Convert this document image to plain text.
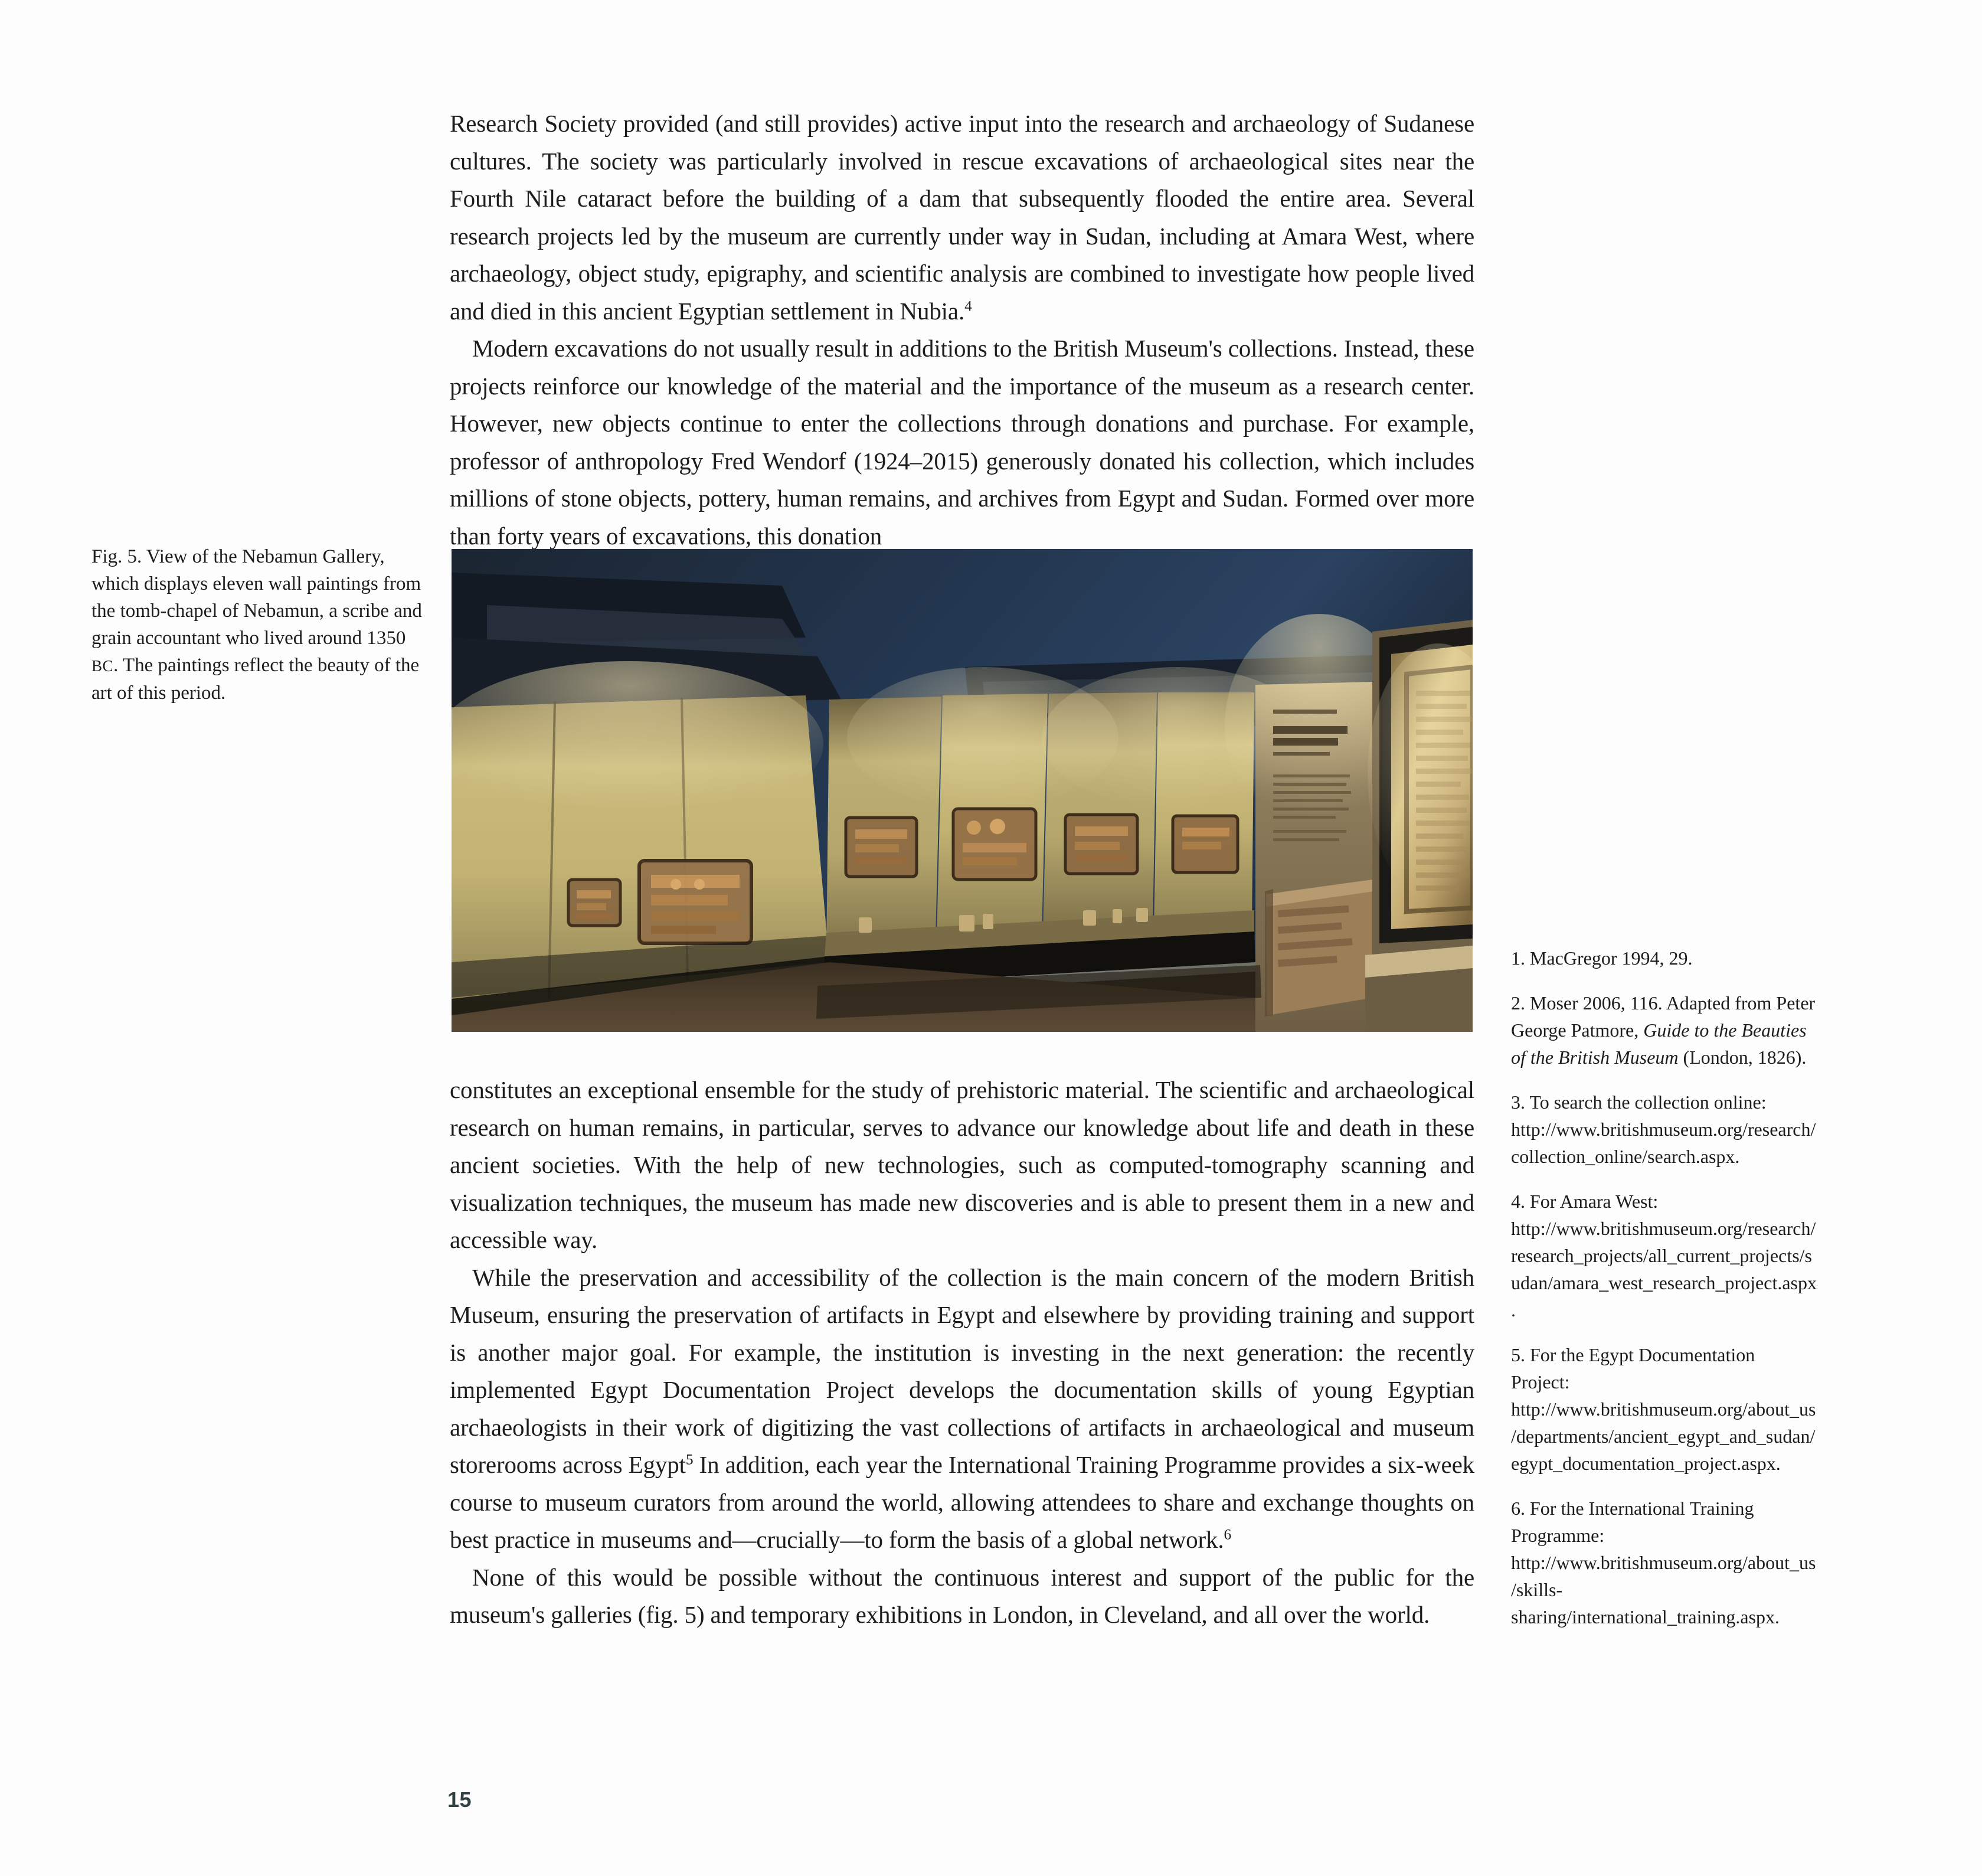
Research Society provided (and still provides) active input into the research and archaeology of Sudanese cultures. The society was particularly involved in rescue excavations of archaeological sites near the Fourth Nile cataract before the building of a dam that subsequently flooded the entire area. Several research projects led by the museum are currently under way in Sudan, including at Amara West, where archaeology, object study, epigraphy, and scientific analysis are combined to investigate how people lived and died in this ancient Egyptian settlement in Nubia.$^4$

Modern excavations do not usually result in additions to the British Museum's collections. Instead, these projects reinforce our knowledge of the material and the importance of the museum as a research center. However, new objects continue to enter the collections through donations and purchase. For example, professor of anthropology Fred Wendorf (1924–2015) generously donated his collection, which includes millions of stone objects, pottery, human remains, and archives from Egypt and Sudan. Formed over more than forty years of excavations, this donation

Fig. 5. View of the Nebamun Gallery, which displays eleven wall paintings from the tomb-chapel of Nebamun, a scribe and grain accountant who lived around 1350 BC. The paintings reflect the beauty of the art of this period.

constitutes an exceptional ensemble for the study of prehistoric material. The scientific and archaeological research on human remains, in particular, serves to advance our knowledge about life and death in these ancient societies. With the help of new technologies, such as computed-tomography scanning and visualization techniques, the museum has made new discoveries and is able to present them in a new and accessible way.

While the preservation and accessibility of the collection is the main concern of the modern British Museum, ensuring the preservation of artifacts in Egypt and elsewhere by providing training and support is another major goal. For example, the institution is investing in the next generation: the recently implemented Egypt Documentation Project develops the documentation skills of young Egyptian archaeologists in their work of digitizing the vast collections of artifacts in archaeological and museum storerooms across Egypt$^5$ In addition, each year the International Training Programme provides a six-week course to museum curators from around the world, allowing attendees to share and exchange thoughts on best practice in museums and—crucially—to form the basis of a global network.$^6$

None of this would be possible without the continuous interest and support of the public for the museum's galleries (fig. 5) and temporary exhibitions in London, in Cleveland, and all over the world.

1. MacGregor 1994, 29.

2. Moser 2006, 116. Adapted from Peter George Patmore, Guide to the Beauties of the British Museum (London, 1826).

3. To search the collection online: http://www.britishmuseum.org/research/collection_online/search.aspx.

4. For Amara West: http://www.britishmuseum.org/research/research_projects/all_current_projects/sudan/amara_west_research_project.aspx.

5. For the Egypt Documentation Project: http://www.britishmuseum.org/about_us/departments/ancient_egypt_and_sudan/egypt_documentation_project.aspx.

6. For the International Training Programme: http://www.britishmuseum.org/about_us/skills-sharing/international_training.aspx.

15
